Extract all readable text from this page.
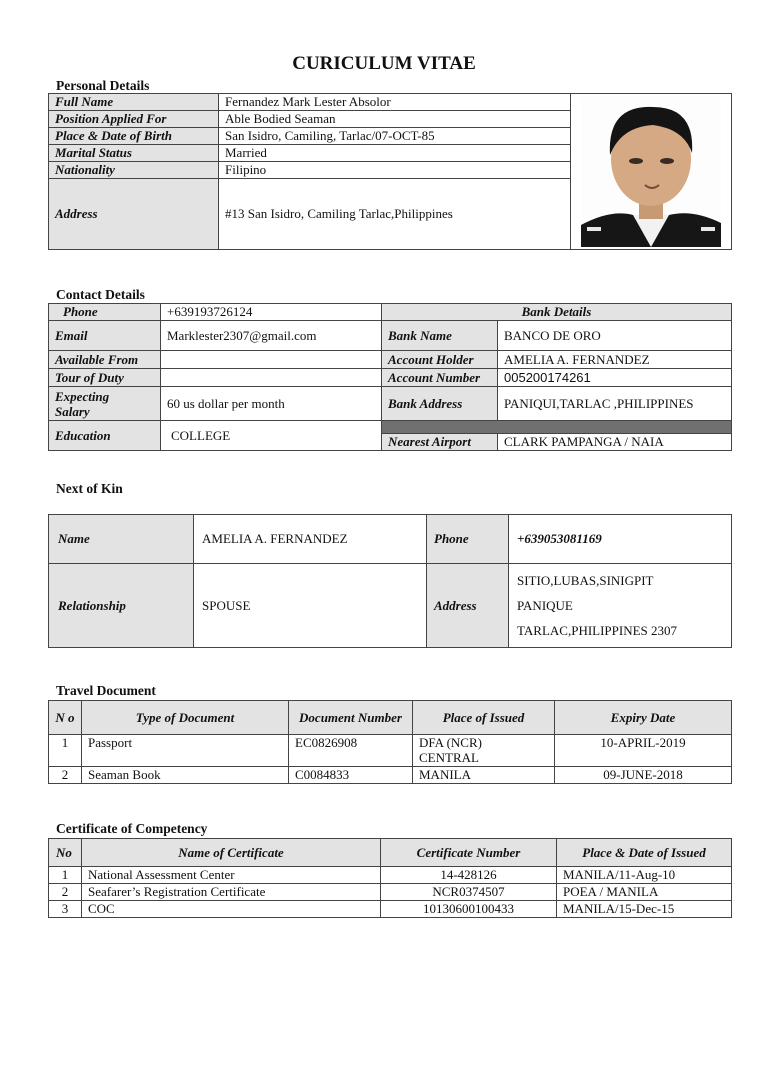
CURICULUM VITAE
Personal Details
Full Name	Fernandez Mark Lester Absolor	

Position Applied For	Able Bodied Seaman	
Place & Date of Birth	San Isidro, Camiling, Tarlac/07-OCT-85	
Marital Status	Married	
Nationality	Filipino	
Address	#13 San Isidro, Camiling Tarlac,Philippines	
Contact Details
Phone	+639193726124	Bank Details	
Email	Marklester2307@gmail.com	Bank Name	BANCO DE ORO
Available From		Account Holder	AMELIA A. FERNANDEZ
Tour of Duty		Account Number	005200174261
Expecting
Salary	60 us dollar per month	Bank Address	PANIQUI,TARLAC ,PHILIPPINES
Education	COLLEGE		
		Nearest Airport	CLARK PAMPANGA / NAIA
Next of Kin
Name	AMELIA A. FERNANDEZ	Phone	+639053081169
Relationship	SPOUSE	Address	SITIO,LUBAS,SINIGPIT
PANIQUE
TARLAC,PHILIPPINES 2307
Travel Document
N o	Type of Document	Document Number	Place of Issued	Expiry Date
1	Passport	EC0826908	DFA (NCR) CENTRAL	10-APRIL-2019
2	Seaman Book	C0084833	MANILA	09-JUNE-2018
Certificate of Competency
No	Name of Certificate	Certificate Number	Place & Date of Issued
1	National Assessment Center	14-428126	MANILA/11-Aug-10
2	Seafarer’s Registration Certificate	NCR0374507	POEA / MANILA
3	COC	10130600100433	MANILA/15-Dec-15
